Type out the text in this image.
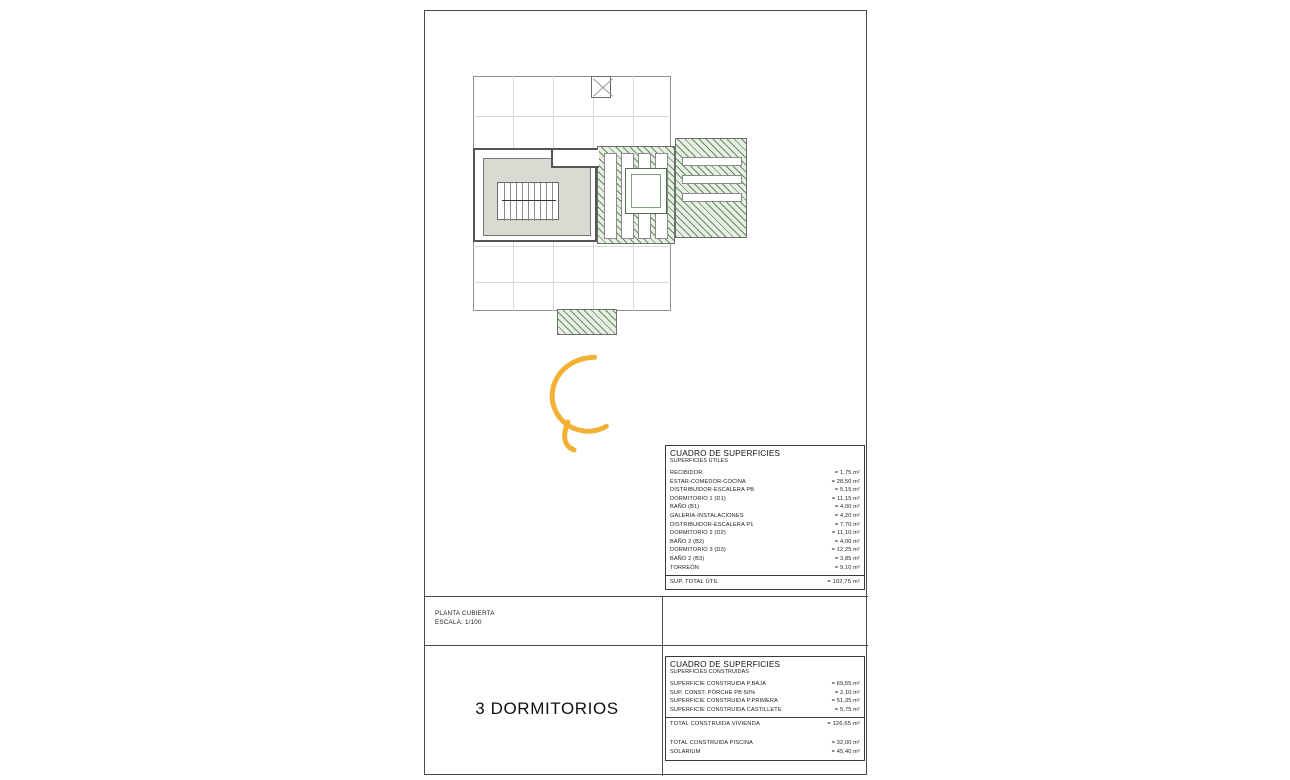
CUADRO DE SUPERFICIES
SUPERFICIES ÚTILES
RECIBIDOR	= 1,75 m²
ESTAR-COMEDOR-COCINA	= 28,50 m²
DISTRIBUIDOR-ESCALERA PB	= 5,15 m²
DORMITORIO 1 (D1)	= 11,15 m²
BAÑO (B1)	= 4,00 m²
GALERÍA-INSTALACIONES	= 4,20 m²
DISTRIBUIDOR-ESCALERA P1	= 7,70 m²
DORMITORIO 2 (D2)	= 11,10 m²
BAÑO 2 (B2)	= 4,00 m²
DORMITORIO 3 (D3)	= 12,25 m²
BAÑO 2 (B3)	= 3,85 m²
TORREÓN	= 9,10 m²
SUP. TOTAL ÚTIL	= 102,75 m²
CUADRO DE SUPERFICIES
SUPERFICIES CONSTRUIDAS
SUPERFICIE CONSTRUIDA P.BAJA	= 69,55 m²
SUP. CONST. PORCHE PB 50%	= 2,10 m²
SUPERFICIE CONSTRUIDA P.PRIMERA	= 51,35 m²
SUPERFICIE CONSTRUIDA CASTILLETE	= 5,75 m²
TOTAL CONSTRUIDA VIVIENDA	= 126,65 m²
TOTAL CONSTRUIDA PISCINA	= 32,00 m²
SOLARIUM	= 45,40 m²
PLANTA CUBIERTA
ESCALA: 1/100
3 DORMITORIOS
